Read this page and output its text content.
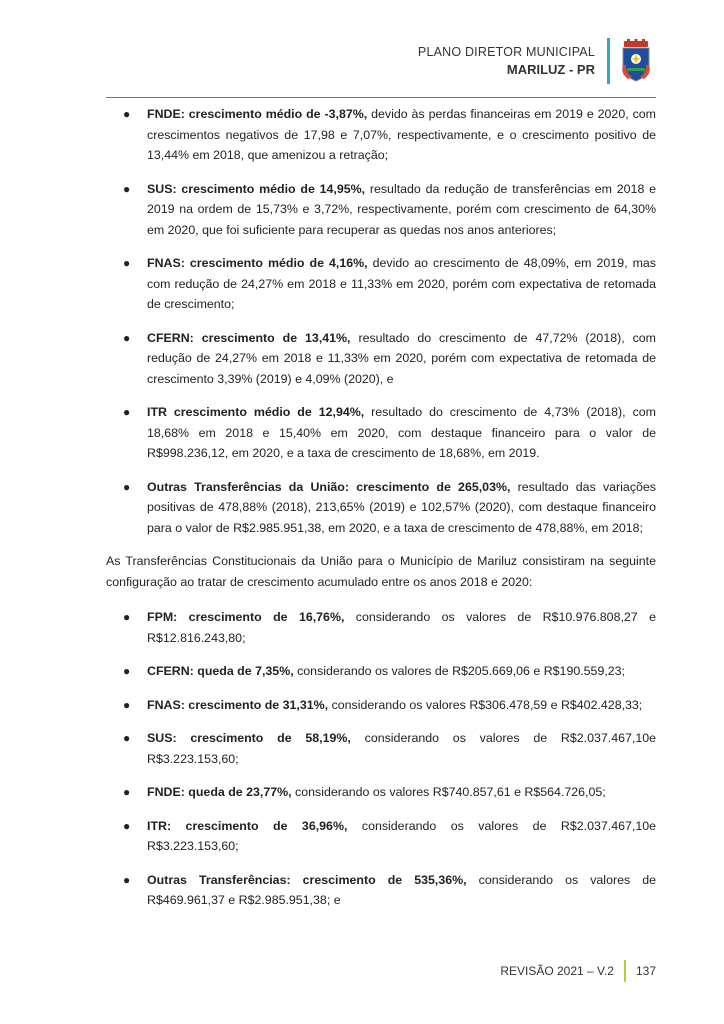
PLANO DIRETOR MUNICIPAL
MARILUZ - PR
● FNDE: crescimento médio de -3,87%, devido às perdas financeiras em 2019 e 2020, com crescimentos negativos de 17,98 e 7,07%, respectivamente, e o crescimento positivo de 13,44% em 2018, que amenizou a retração;
● SUS: crescimento médio de 14,95%, resultado da redução de transferências em 2018 e 2019 na ordem de 15,73% e 3,72%, respectivamente, porém com crescimento de 64,30% em 2020, que foi suficiente para recuperar as quedas nos anos anteriores;
● FNAS: crescimento médio de 4,16%, devido ao crescimento de 48,09%, em 2019, mas com redução de 24,27% em 2018 e 11,33% em 2020, porém com expectativa de retomada de crescimento;
● CFERN: crescimento de 13,41%, resultado do crescimento de 47,72% (2018), com redução de 24,27% em 2018 e 11,33% em 2020, porém com expectativa de retomada de crescimento 3,39% (2019) e 4,09% (2020), e
● ITR crescimento médio de 12,94%, resultado do crescimento de 4,73% (2018), com 18,68% em 2018 e 15,40% em 2020, com destaque financeiro para o valor de R$998.236,12, em 2020, e a taxa de crescimento de 18,68%, em 2019.
● Outras Transferências da União: crescimento de 265,03%, resultado das variações positivas de 478,88% (2018), 213,65% (2019) e 102,57% (2020), com destaque financeiro para o valor de R$2.985.951,38, em 2020, e a taxa de crescimento de 478,88%, em 2018;

As Transferências Constitucionais da União para o Município de Mariluz consistiram na seguinte configuração ao tratar de crescimento acumulado entre os anos 2018 e 2020:

● FPM: crescimento de 16,76%, considerando os valores de R$10.976.808,27 e R$12.816.243,80;
● CFERN: queda de 7,35%, considerando os valores de R$205.669,06 e R$190.559,23;
● FNAS: crescimento de 31,31%, considerando os valores R$306.478,59 e R$402.428,33;
● SUS: crescimento de 58,19%, considerando os valores de R$2.037.467,10e R$3.223.153,60;
● FNDE: queda de 23,77%, considerando os valores R$740.857,61 e R$564.726,05;
● ITR: crescimento de 36,96%, considerando os valores de R$2.037.467,10e R$3.223.153,60;
● Outras Transferências: crescimento de 535,36%, considerando os valores de R$469.961,37 e R$2.985.951,38; e
REVISÃO 2021 – V.2 137
